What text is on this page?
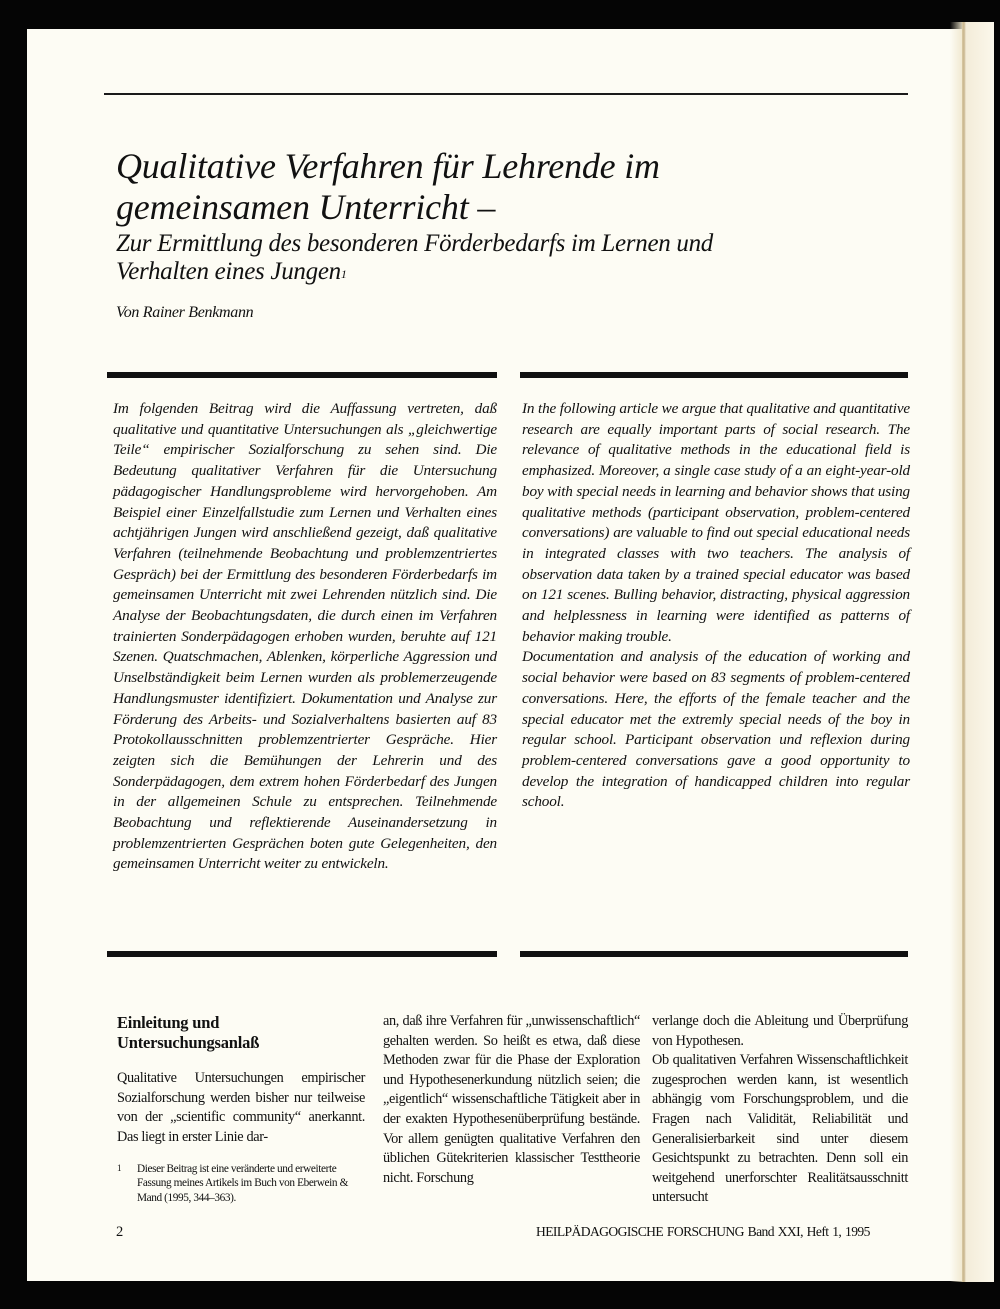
Qualitative Verfahren für Lehrende im
gemeinsamen Unterricht –
Zur Ermittlung des besonderen Förderbedarfs im Lernen und
Verhalten eines Jungen$^1$
Von Rainer Benkmann

Im folgenden Beitrag wird die Auffassung vertreten, daß qualitative und quantitative Untersuchungen als „gleichwertige Teile“ empirischer Sozialforschung zu sehen sind. Die Bedeutung qualitativer Verfahren für die Untersuchung pädagogischer Handlungsprobleme wird hervorgehoben. Am Beispiel einer Einzelfallstudie zum Lernen und Verhalten eines achtjährigen Jungen wird anschließend gezeigt, daß qualitative Verfahren (teilnehmende Beobachtung und problemzentriertes Gespräch) bei der Ermittlung des besonderen Förderbedarfs im gemeinsamen Unterricht mit zwei Lehrenden nützlich sind. Die Analyse der Beobachtungsdaten, die durch einen im Verfahren trainierten Sonderpädagogen erhoben wurden, beruhte auf 121 Szenen. Quatschmachen, Ablenken, körperliche Aggression und Unselbständigkeit beim Lernen wurden als problemerzeugende Handlungsmuster identifiziert. Dokumentation und Analyse zur Förderung des Arbeits- und Sozialverhaltens basierten auf 83 Protokollausschnitten problemzentrierter Gespräche. Hier zeigten sich die Bemühungen der Lehrerin und des Sonderpädagogen, dem extrem hohen Förderbedarf des Jungen in der allgemeinen Schule zu entsprechen. Teilnehmende Beobachtung und reflektierende Auseinandersetzung in problemzentrierten Gesprächen boten gute Gelegenheiten, den gemeinsamen Unterricht weiter zu entwickeln.

In the following article we argue that qualitative and quantitative research are equally important parts of social research. The relevance of qualitative methods in the educational field is emphasized. Moreover, a single case study of a an eight-year-old boy with special needs in learning and behavior shows that using qualitative methods (participant observation, problem-centered conversations) are valuable to find out special educational needs in integrated classes with two teachers. The analysis of observation data taken by a trained special educator was based on 121 scenes. Bulling behavior, distracting, physical aggression and helplessness in learning were identified as patterns of behavior making trouble.

Documentation and analysis of the education of working and social behavior were based on 83 segments of problem-centered conversations. Here, the efforts of the female teacher and the special educator met the extremly special needs of the boy in regular school. Participant observation und reflexion during problem-centered conversations gave a good opportunity to develop the integration of handicapped children into regular school.

Einleitung und
Untersuchungsanlaß

Qualitative Untersuchungen empirischer Sozialforschung werden bisher nur teilweise von der „scientific community“ anerkannt. Das liegt in erster Linie dar-

an, daß ihre Verfahren für „unwissenschaftlich“ gehalten werden. So heißt es etwa, daß diese Methoden zwar für die Phase der Exploration und Hypothesenerkundung nützlich seien; die „eigentlich“ wissenschaftliche Tätigkeit aber in der exakten Hypothesenüberprüfung bestände. Vor allem genügten qualitative Verfahren den üblichen Gütekriterien klassischer Testtheorie nicht. Forschung

verlange doch die Ableitung und Überprüfung von Hypothesen.

Ob qualitativen Verfahren Wissenschaftlichkeit zugesprochen werden kann, ist wesentlich abhängig vom Forschungsproblem, und die Fragen nach Validität, Reliabilität und Generalisierbarkeit sind unter diesem Gesichtspunkt zu betrachten. Denn soll ein weitgehend unerforschter Realitätsausschnitt untersucht

1	Dieser Beitrag ist eine veränderte und erweiterte Fassung meines Artikels im Buch von Eberwein & Mand (1995, 344–363).
2	HEILPÄDAGOGISCHE FORSCHUNG Band XXI, Heft 1, 1995
